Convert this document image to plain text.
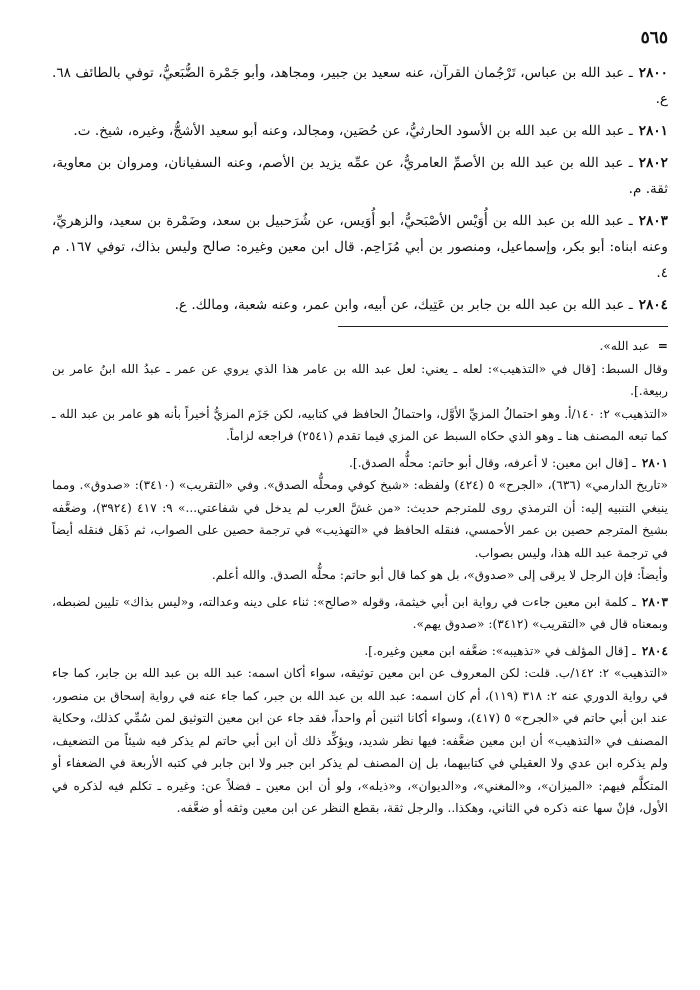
٥٦٥
٢٨٠٠ـ عبد الله بن عباس، تَرْجُمان القرآن، عنه سعيد بن جبير، ومجاهد، وأبو جَمْرة الضُّبَعيُّ، توفي بالطائف ٦٨. ع.
٢٨٠١ـ عبد الله بن عبد الله بن الأسود الحارثيُّ، عن حُصَين، ومجالد، وعنه أبو سعيد الأشجُّ، وغيره، شيخ. ت.
٢٨٠٢ـ عبد الله بن عبد الله بن الأصمِّ العامريُّ، عن عمِّه يزيد بن الأصم، وعنه السفيانان، ومروان بن معاوية، ثقة. م.
٢٨٠٣ـ عبد الله بن عبد الله بن أُوَيْس الأصْبَحيُّ، أبو أُوَيس، عن شُرَحبيل بن سعد، وضَمْرة بن سعيد، والزهريِّ، وعنه ابناه: أبو بكر، وإسماعيل، ومنصور بن أبي مُزَاحِم. قال ابن معين وغيره: صالح وليس بذاك، توفي ١٦٧. م ٤.
٢٨٠٤ـ عبد الله بن عبد الله بن جابر بن عَتِيك، عن أبيه، وابن عمر، وعنه شعبة، ومالك. ع.
=عبد الله».
وقال السبط: [قال في «التذهيب»: لعله ـ يعني: لعل عبد الله بن عامر هذا الذي يروي عن عمر ـ عبدُ الله ابنُ عامر بن ربيعة.].
«التذهيب» ٢: ١٤٠/أ. وهو احتمالُ المزيِّ الأوَّل، واحتمالُ الحافظ في كتابيه، لكن جَزَم المزيُّ أخيراً بأنه هو عامر بن عبد الله ـ كما تبعه المصنف هنا ـ وهو الذي حكاه السبط عن المزي فيما تقدم (٢٥٤١) فراجعه لزاماً.
٢٨٠١ـ [قال ابن معين: لا أعرفه، وقال أبو حاتم: محلُّه الصدق.].
«تاريخ الدارمي» (٦٣٦)، «الجرح» ٥ (٤٢٤) ولفظه: «شيخ كوفي ومحلُّه الصدق». وفي «التقريب» (٣٤١٠): «صدوق». ومما ينبغي التنبيه إليه: أن الترمذي روى للمترجم حديث: «من غشَّ العرب لم يدخل في شفاعتي...» ٩: ٤١٧ (٣٩٢٤)، وضعَّفه بشيخ المترجم حصين بن عمر الأحمسي، فنقله الحافظ في «التهذيب» في ترجمة حصين على الصواب، ثم ذَهَل فنقله أيضاً في ترجمة عبد الله هذا، وليس بصواب.
وأيضاً: فإن الرجل لا يرقى إلى «صدوق»، بل هو كما قال أبو حاتم: محلُّه الصدق. والله أعلم.
٢٨٠٣ـ كلمة ابن معين جاءت في رواية ابن أبي خيثمة، وقوله «صالح»: ثناء على دينه وعدالته، و«ليس بذاك» تليين لضبطه، وبمعناه قال في «التقريب» (٣٤١٢): «صدوق يهم».
٢٨٠٤ـ [قال المؤلف في «تذهيبه»: ضعَّفه ابن معين وغيره.].
«التذهيب» ٢: ١٤٢/ب. قلت: لكن المعروف عن ابن معين توثيقه، سواء أكان اسمه: عبد الله بن عبد الله بن جابر، كما جاء في رواية الدوري عنه ٢: ٣١٨ (١١٩)، أم كان اسمه: عبد الله بن عبد الله بن جبر، كما جاء عنه في رواية إسحاق بن منصور، عند ابن أبي حاتم في «الجرح» ٥ (٤١٧)، وسواء أكانا اثنين أم واحداً، فقد جاء عن ابن معين التوثيق لمن سُمِّي كذلك، وحكاية المصنف في «التذهيب» أن ابن معين ضعَّفه: فيها نظر شديد، ويؤكِّد ذلك أن ابن أبي حاتم لم يذكر فيه شيئاً من التضعيف، ولم يذكره ابن عدي ولا العقيلي في كتابيهما، بل إن المصنف لم يذكر ابن جبر ولا ابن جابر في كتبه الأربعة في الضعفاء أو المتكلَّم فيهم: «الميزان»، و«المغني»، و«الديوان»، و«ذيله»، ولو أن ابن معين ـ فضلاً عن: وغيره ـ تكلم فيه لذكره في الأول، فإنْ سها عنه ذكره في الثاني، وهكذا.. والرجل ثقة، بقطع النظر عن ابن معين وثقه أو ضعَّفه.
